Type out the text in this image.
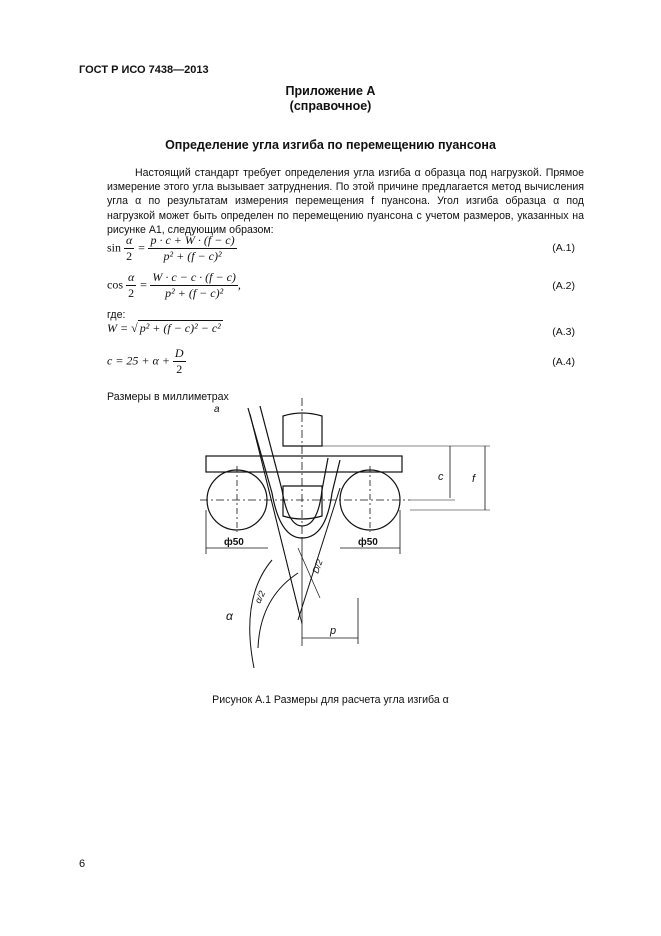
ГОСТ Р ИСО 7438—2013
Приложение А
(справочное)
Определение угла изгиба по перемещению пуансона
Настоящий стандарт требует определения угла изгиба α образца под нагрузкой. Прямое измерение этого угла вызывает затруднения. По этой причине предлагается метод вычисления угла α по результатам измерения перемещения f пуансона. Угол изгиба образца α под нагрузкой может быть определен по перемещению пуансона с учетом размеров, указанных на рисунке А1, следующим образом:
$\sin \frac{\alpha}{2} = \frac{p \cdot c + W \cdot (f - c)}{\text{p² + (f − c)²}}$	(А.1)
$\cos \frac{\alpha}{2} = \frac{W \cdot c - c \cdot (f - c)}{\text{p² + (f − c)²}}$ ,	(А.2)
где:
W = √ p² + (f − c)² − c²	(А.3)
$c = 25 + \alpha + \frac{D}{2}$	(А.4)
Размеры в миллиметрах
a
c	f
ф50	ф50
D/2
α/2
α
p
Рисунок А.1 Размеры для расчета угла изгиба α
6
